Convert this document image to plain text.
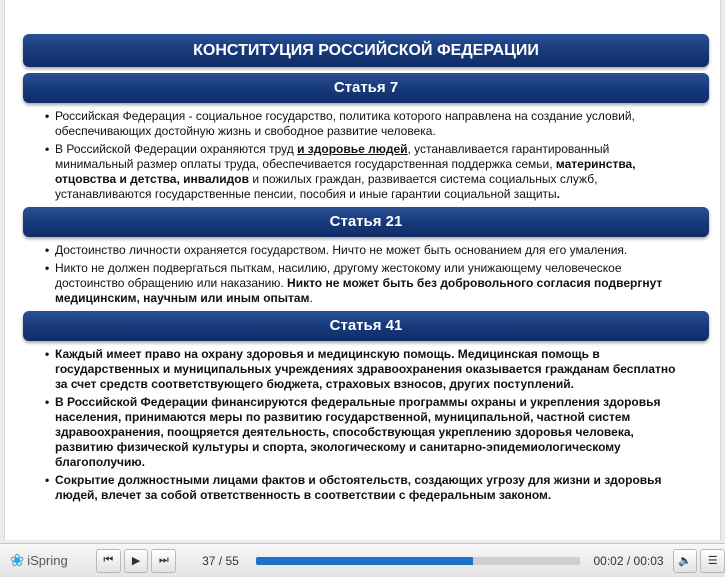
КОНСТИТУЦИЯ РОССИЙСКОЙ ФЕДЕРАЦИИ
Статья 7
• Российская Федерация - социальное государство, политика которого направлена на создание условий, обеспечивающих достойную жизнь и свободное развитие человека.
• В Российской Федерации охраняются труд и здоровье людей, устанавливается гарантированный минимальный размер оплаты труда, обеспечивается государственная поддержка семьи, материнства, отцовства и детства, инвалидов и пожилых граждан, развивается система социальных служб, устанавливаются государственные пенсии, пособия и иные гарантии социальной защиты.
Статья 21
• Достоинство личности охраняется государством. Ничто не может быть основанием для его умаления.
• Никто не должен подвергаться пыткам, насилию, другому жестокому или унижающему человеческое достоинство обращению или наказанию. Никто не может быть без добровольного согласия подвергнут медицинским, научным или иным опытам.
Статья 41
• Каждый имеет право на охрану здоровья и медицинскую помощь. Медицинская помощь в государственных и муниципальных учреждениях здравоохранения оказывается гражданам бесплатно за счет средств соответствующего бюджета, страховых взносов, других поступлений.
• В Российской Федерации финансируются федеральные программы охраны и укрепления здоровья населения, принимаются меры по развитию государственной, муниципальной, частной систем здравоохранения, поощряется деятельность, способствующая укреплению здоровья человека, развитию физической культуры и спорта, экологическому и санитарно-эпидемиологическому благополучию.
• Сокрытие должностными лицами фактов и обстоятельств, создающих угрозу для жизни и здоровья людей, влечет за собой ответственность в соответствии с федеральным законом.
❀ iSpring	⏮ ▶ ⏭	37 / 55	00:02 / 00:03 🔈 ☰
